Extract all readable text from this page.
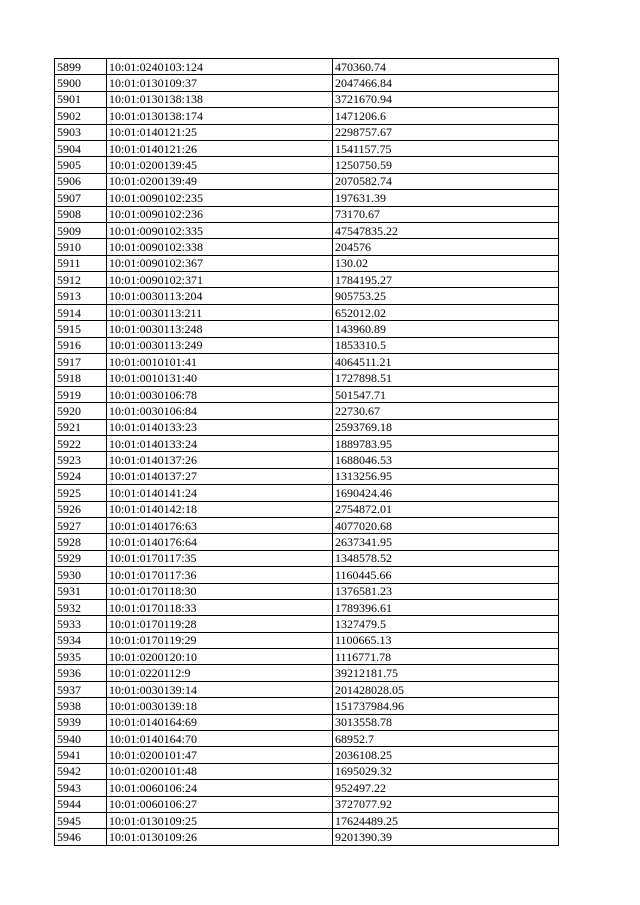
5899	10:01:0240103:124	470360.74
5900	10:01:0130109:37	2047466.84
5901	10:01:0130138:138	3721670.94
5902	10:01:0130138:174	1471206.6
5903	10:01:0140121:25	2298757.67
5904	10:01:0140121:26	1541157.75
5905	10:01:0200139:45	1250750.59
5906	10:01:0200139:49	2070582.74
5907	10:01:0090102:235	197631.39
5908	10:01:0090102:236	73170.67
5909	10:01:0090102:335	47547835.22
5910	10:01:0090102:338	204576
5911	10:01:0090102:367	130.02
5912	10:01:0090102:371	1784195.27
5913	10:01:0030113:204	905753.25
5914	10:01:0030113:211	652012.02
5915	10:01:0030113:248	143960.89
5916	10:01:0030113:249	1853310.5
5917	10:01:0010101:41	4064511.21
5918	10:01:0010131:40	1727898.51
5919	10:01:0030106:78	501547.71
5920	10:01:0030106:84	22730.67
5921	10:01:0140133:23	2593769.18
5922	10:01:0140133:24	1889783.95
5923	10:01:0140137:26	1688046.53
5924	10:01:0140137:27	1313256.95
5925	10:01:0140141:24	1690424.46
5926	10:01:0140142:18	2754872.01
5927	10:01:0140176:63	4077020.68
5928	10:01:0140176:64	2637341.95
5929	10:01:0170117:35	1348578.52
5930	10:01:0170117:36	1160445.66
5931	10:01:0170118:30	1376581.23
5932	10:01:0170118:33	1789396.61
5933	10:01:0170119:28	1327479.5
5934	10:01:0170119:29	1100665.13
5935	10:01:0200120:10	1116771.78
5936	10:01:0220112:9	39212181.75
5937	10:01:0030139:14	201428028.05
5938	10:01:0030139:18	151737984.96
5939	10:01:0140164:69	3013558.78
5940	10:01:0140164:70	68952.7
5941	10:01:0200101:47	2036108.25
5942	10:01:0200101:48	1695029.32
5943	10:01:0060106:24	952497.22
5944	10:01:0060106:27	3727077.92
5945	10:01:0130109:25	17624489.25
5946	10:01:0130109:26	9201390.39
